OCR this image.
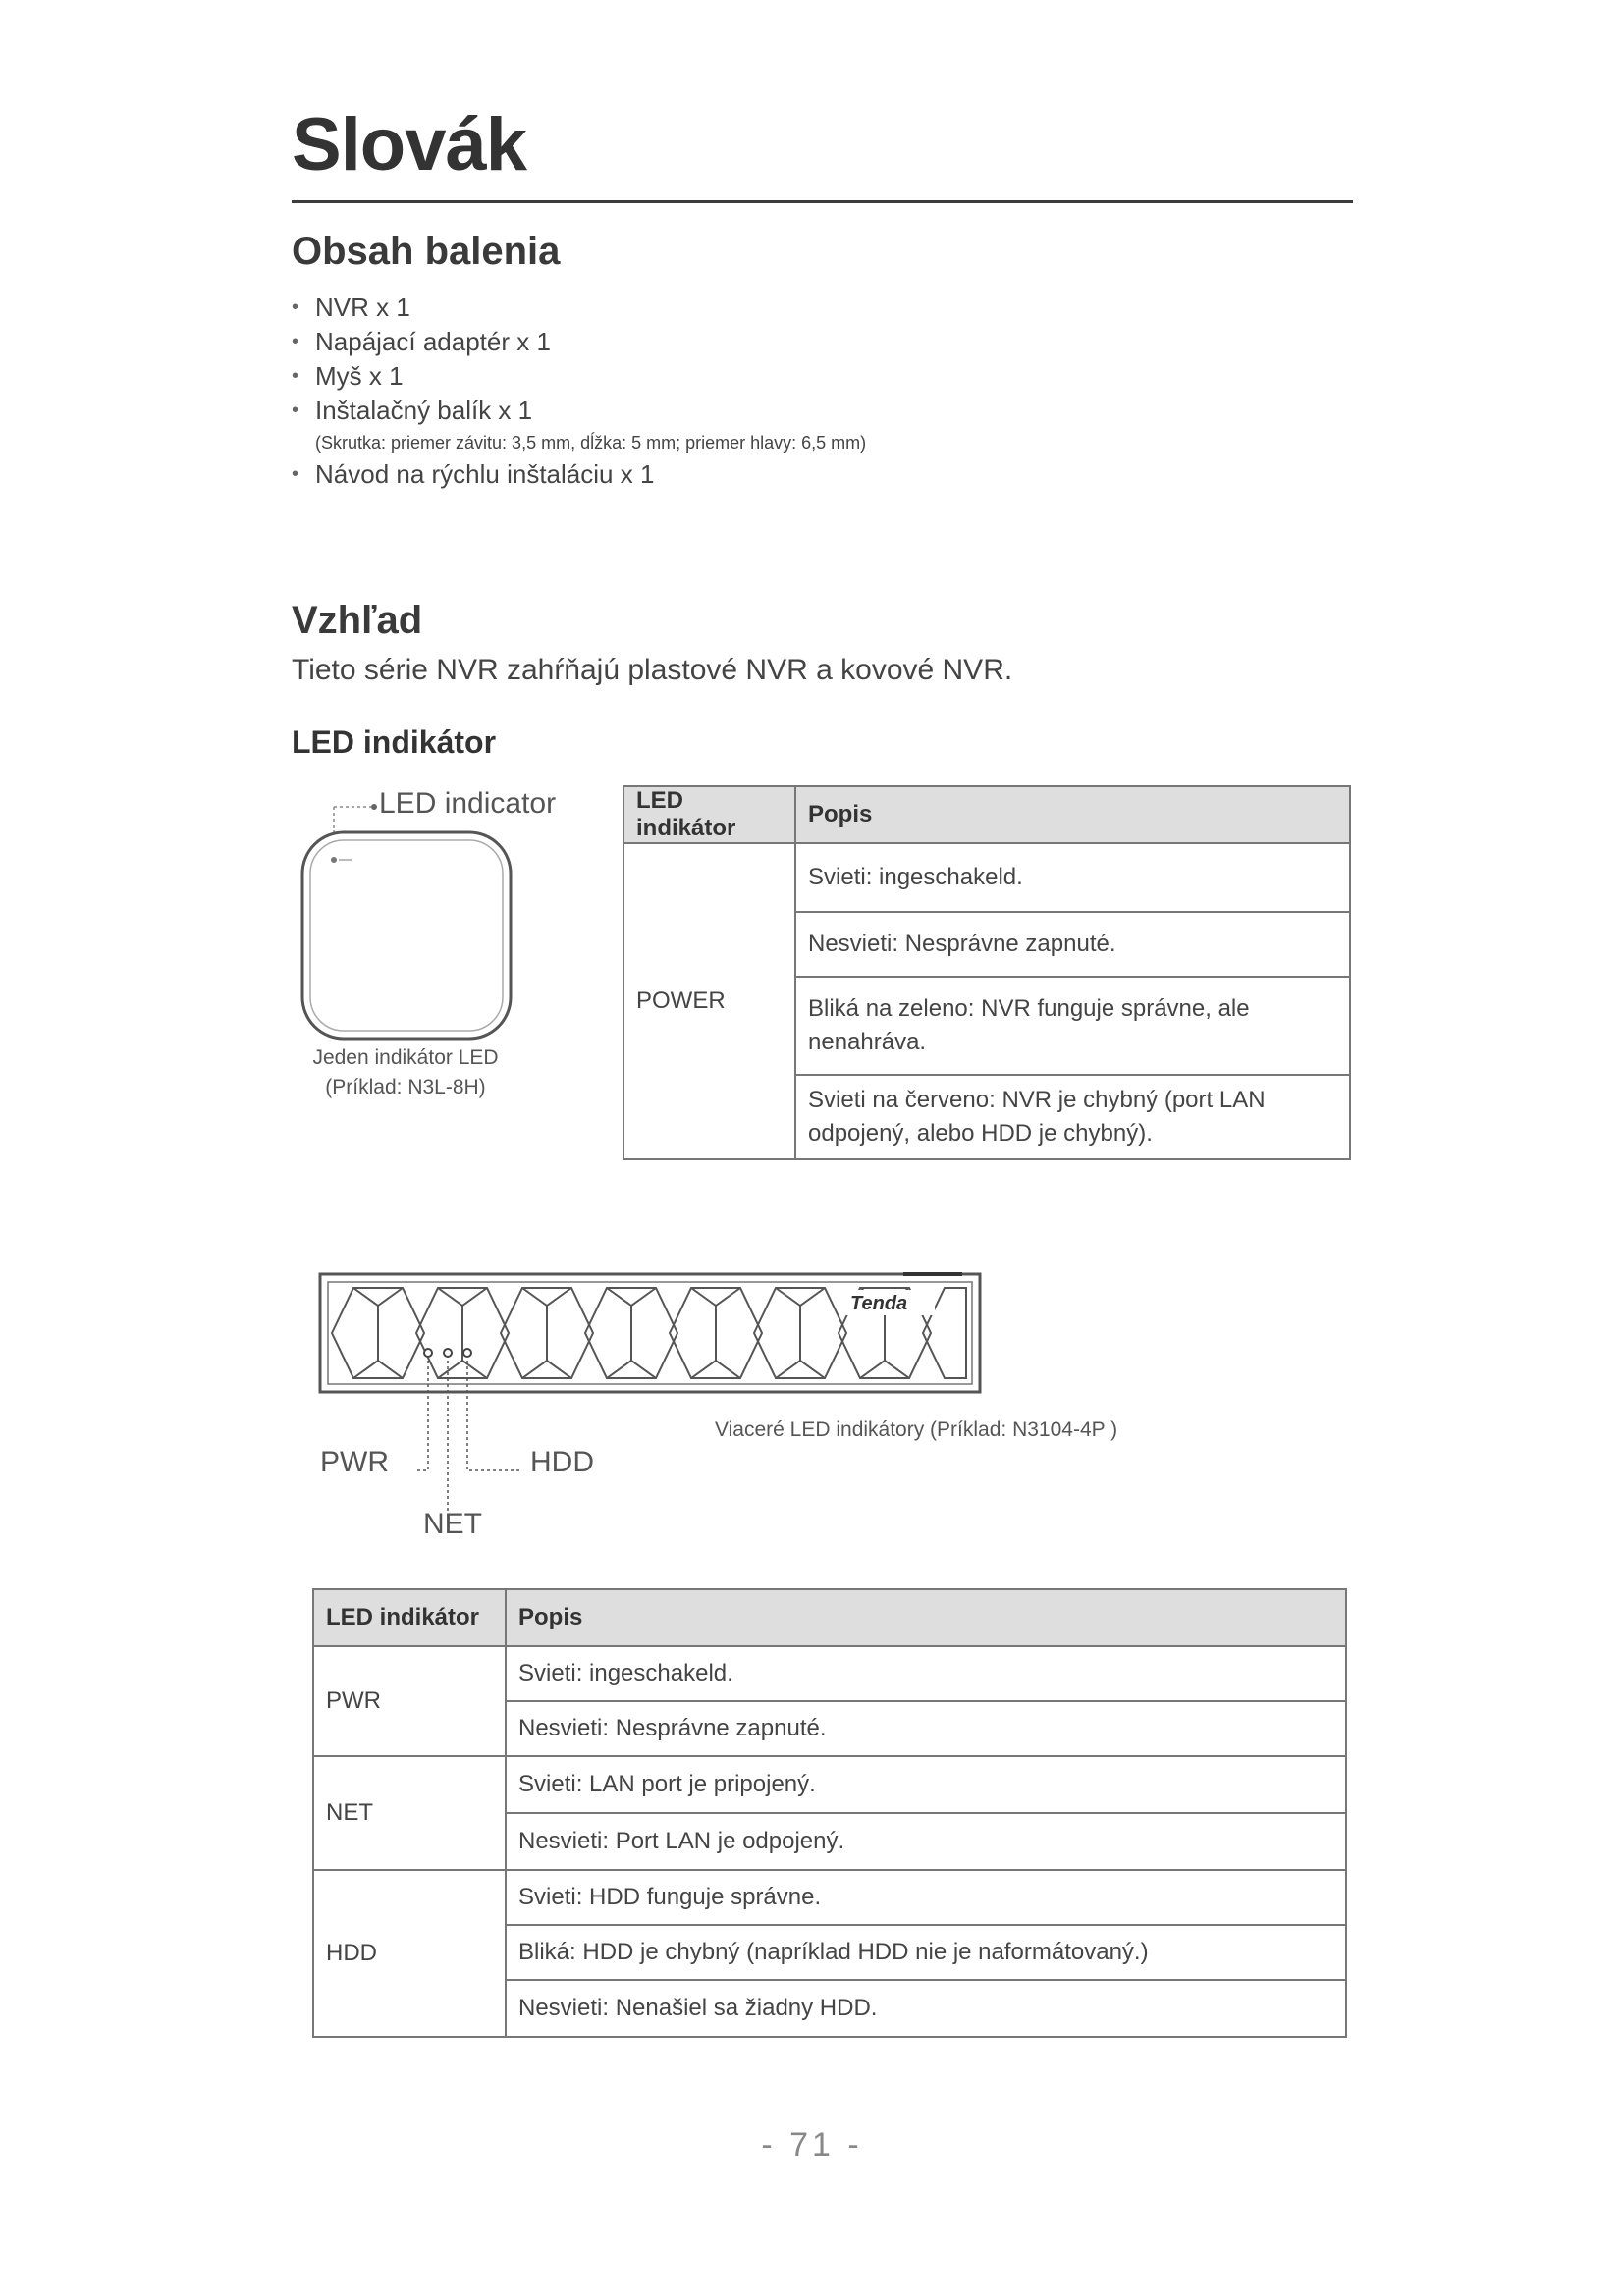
Slovák
Obsah balenia
• NVR x 1
• Napájací adaptér x 1
• Myš x 1
• Inštalačný balík x 1
(Skrutka: priemer závitu: 3,5 mm, dĺžka: 5 mm; priemer hlavy: 6,5 mm)
• Návod na rýchlu inštaláciu x 1
Vzhľad
Tieto série NVR zahŕňajú plastové NVR a kovové NVR.
LED indikátor
LED indicator
Jeden indikátor LED
(Príklad: N3L-8H)
LED indikátor	Popis
POWER	Svieti: ingeschakeld.
	Nesvieti: Nesprávne zapnuté.
	Bliká na zeleno: NVR funguje správne, ale nenahráva.
	Svieti na červeno: NVR je chybný (port LAN odpojený, alebo HDD je chybný).
Tenda
PWR	HDD
NET
Viaceré LED indikátory (Príklad: N3104-4P )
LED indikátor	Popis
PWR	Svieti: ingeschakeld.
	Nesvieti: Nesprávne zapnuté.
NET	Svieti: LAN port je pripojený.
	Nesvieti: Port LAN je odpojený.
HDD	Svieti: HDD funguje správne.
	Bliká: HDD je chybný (napríklad HDD nie je naformátovaný.)
	Nesvieti: Nenašiel sa žiadny HDD.
- 71 -
